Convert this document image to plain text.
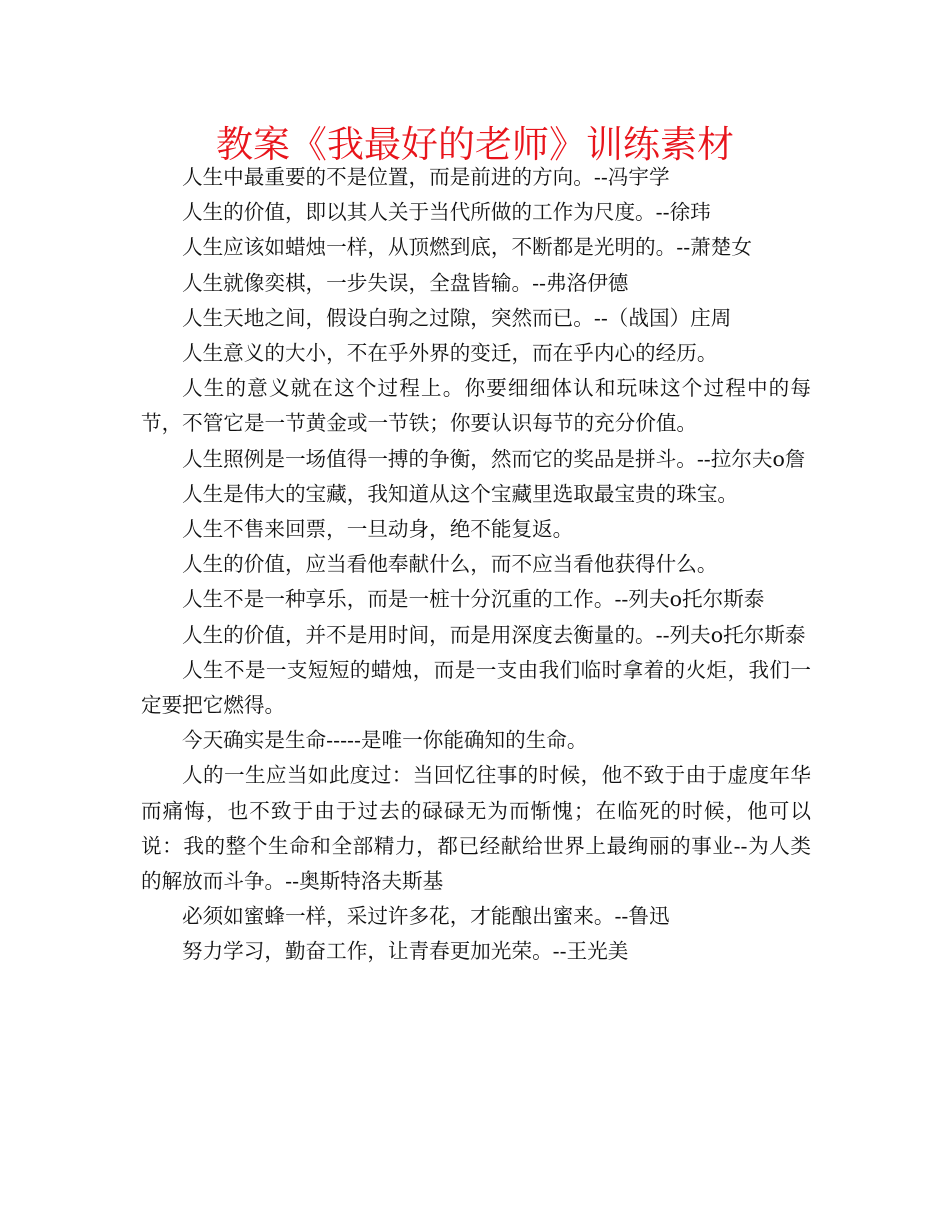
教案《我最好的老师》训练素材

人生中最重要的不是位置，而是前进的方向。--冯宇学

人生的价值，即以其人关于当代所做的工作为尺度。--徐玮

人生应该如蜡烛一样，从顶燃到底，不断都是光明的。--萧楚女

人生就像奕棋，一步失误，全盘皆输。--弗洛伊德

人生天地之间，假设白驹之过隙，突然而已。--（战国）庄周

人生意义的大小，不在乎外界的变迁，而在乎内心的经历。

人生的意义就在这个过程上。你要细细体认和玩味这个过程中的每节，不管它是一节黄金或一节铁；你要认识每节的充分价值。

人生照例是一场值得一搏的争衡，然而它的奖品是拼斗。--拉尔夫ο詹

人生是伟大的宝藏，我知道从这个宝藏里选取最宝贵的珠宝。

人生不售来回票，一旦动身，绝不能复返。

人生的价值，应当看他奉献什么，而不应当看他获得什么。

人生不是一种享乐，而是一桩十分沉重的工作。--列夫ο托尔斯泰

人生的价值，并不是用时间，而是用深度去衡量的。--列夫ο托尔斯泰

人生不是一支短短的蜡烛，而是一支由我们临时拿着的火炬，我们一定要把它燃得。

今天确实是生命-----是唯一你能确知的生命。

人的一生应当如此度过：当回忆往事的时候，他不致于由于虚度年华而痛悔，也不致于由于过去的碌碌无为而惭愧；在临死的时候，他可以说：我的整个生命和全部精力，都已经献给世界上最绚丽的事业--为人类的解放而斗争。--奥斯特洛夫斯基

必须如蜜蜂一样，采过许多花，才能酿出蜜来。--鲁迅

努力学习，勤奋工作，让青春更加光荣。--王光美
